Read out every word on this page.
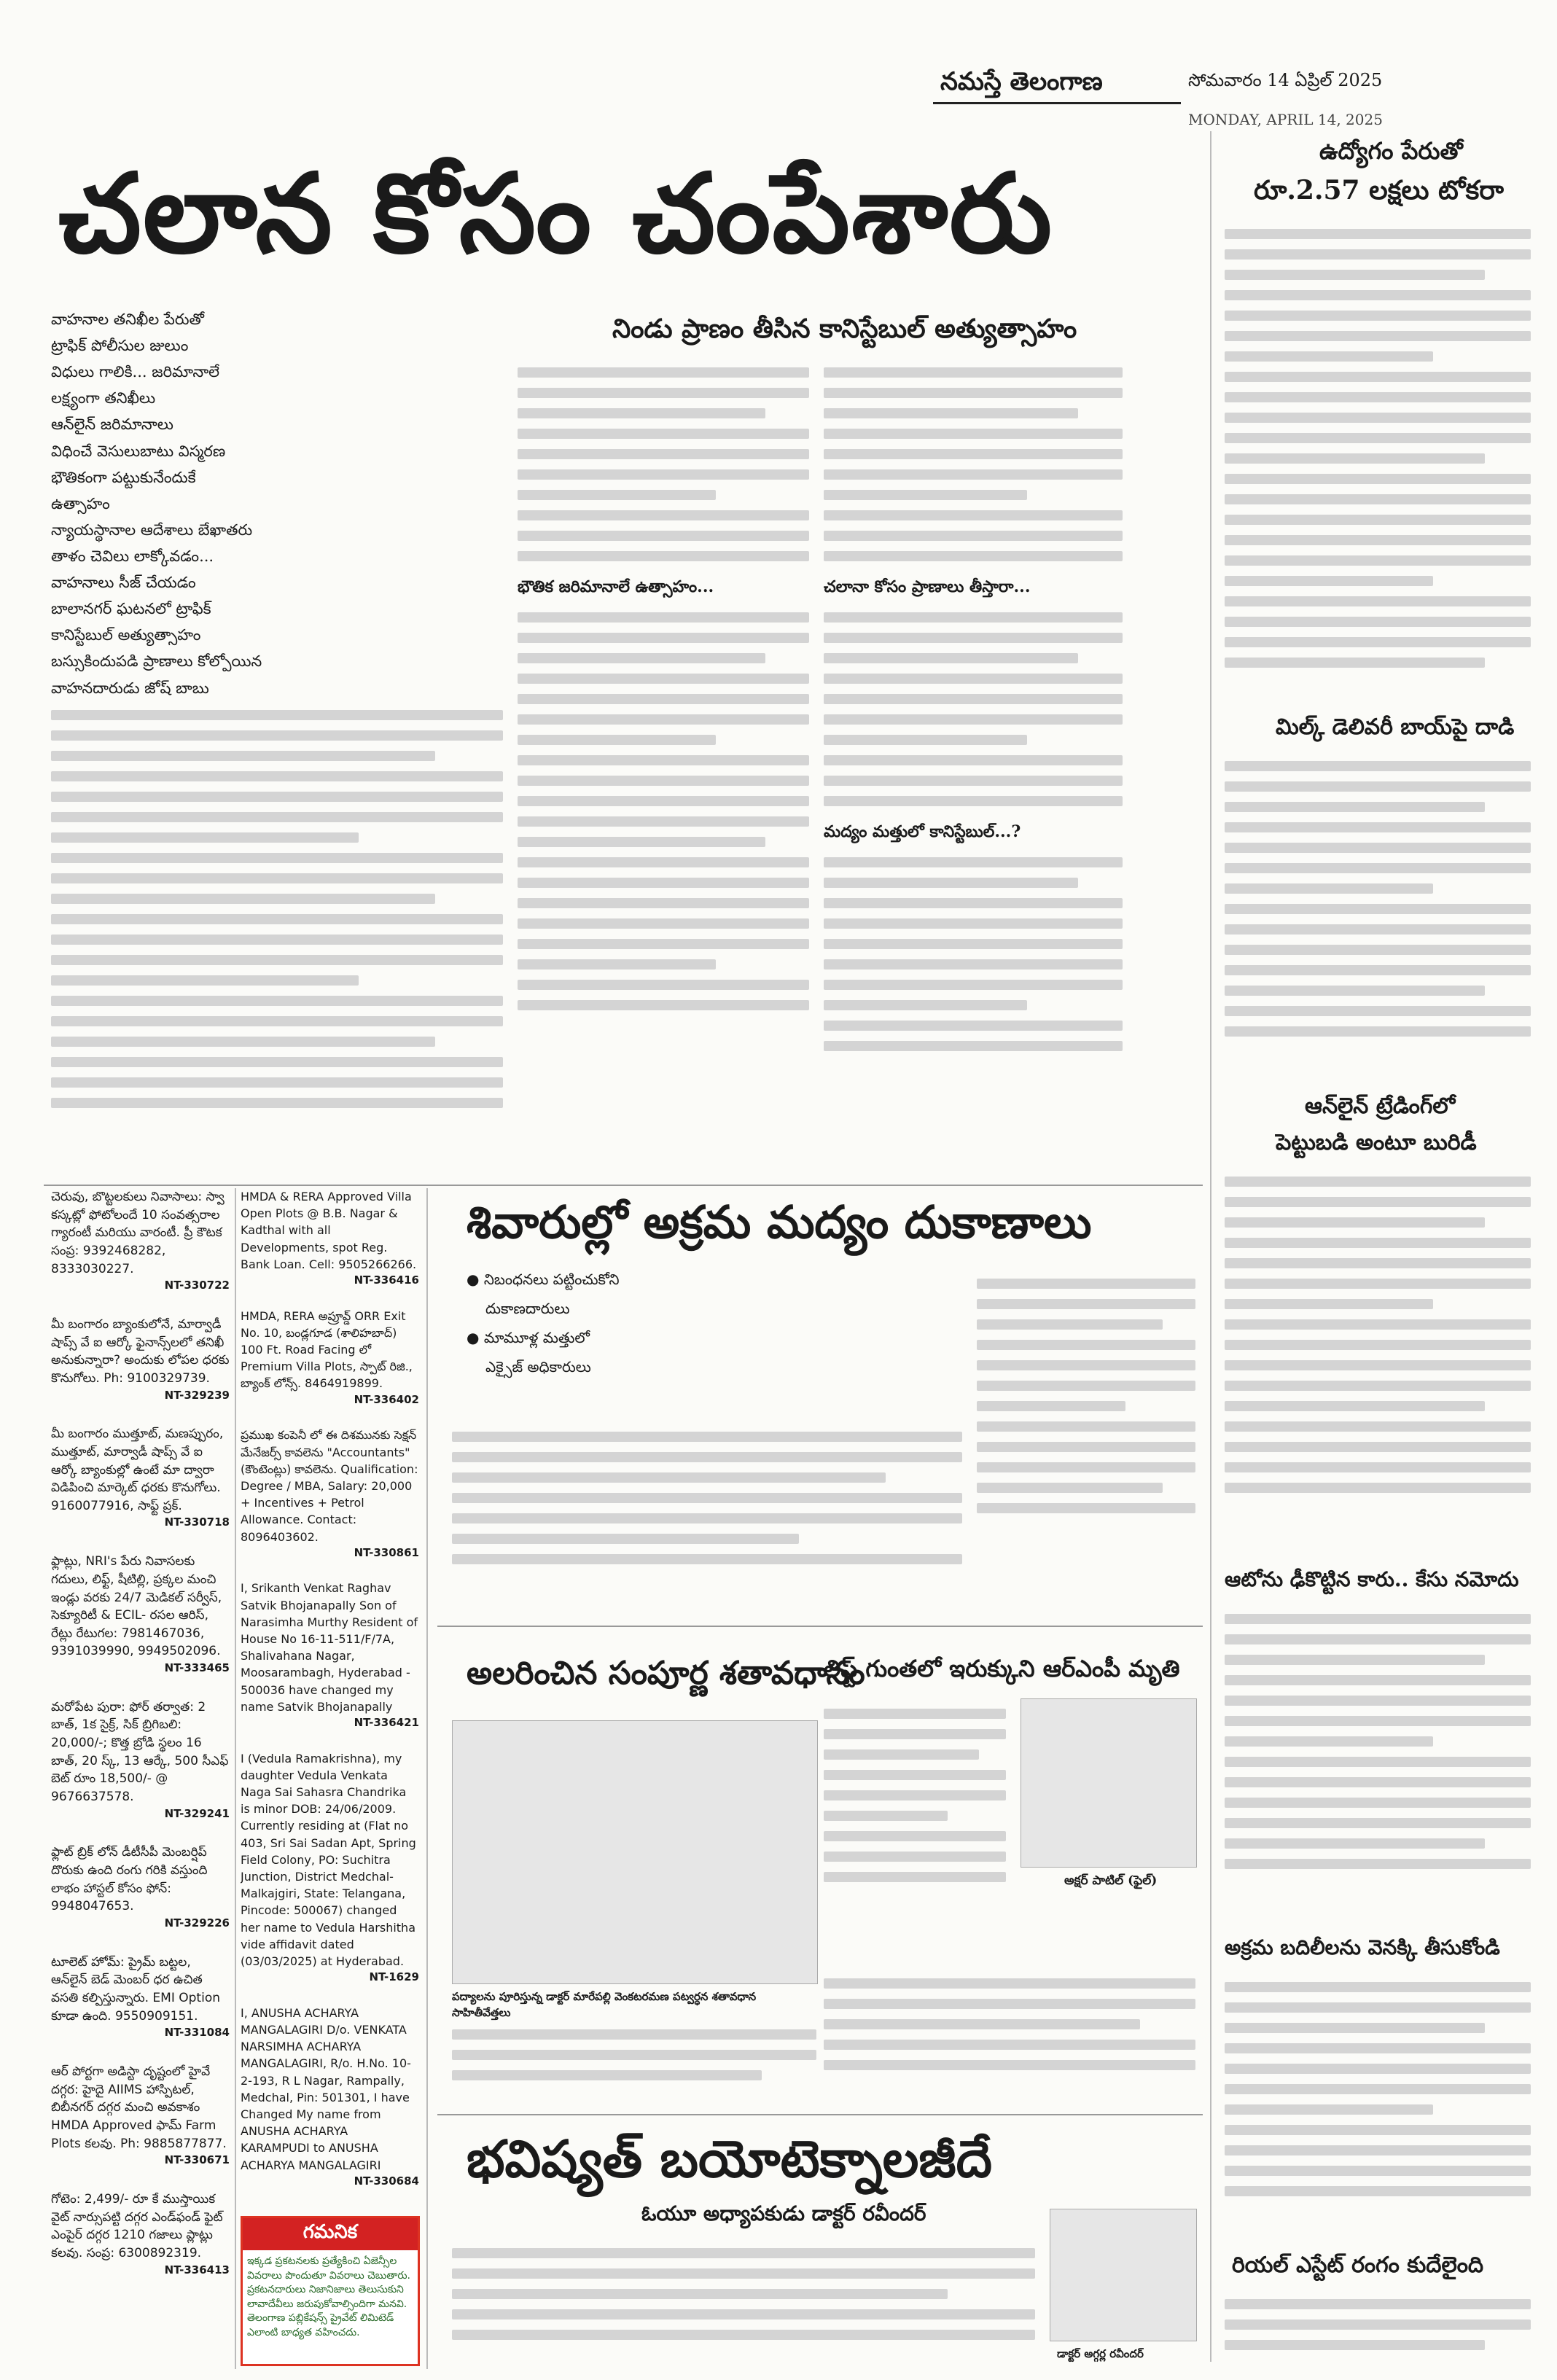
నమస్తే తెలంగాణ	సోమవారం 14 ఏప్రిల్ 2025
MONDAY, APRIL 14, 2025
చలాన కోసం చంపేశారు
నిండు ప్రాణం తీసిన కానిస్టేబుల్ అత్యుత్సాహం
వాహనాల తనిఖీల పేరుతో
ట్రాఫిక్ పోలీసుల జులుం
విధులు గాలికి... జరిమానాలే
లక్ష్యంగా తనిఖీలు
ఆన్‌లైన్ జరిమానాలు
విధించే వెసులుబాటు విస్మరణ
భౌతికంగా పట్టుకునేందుకే
ఉత్సాహం
న్యాయస్థానాల ఆదేశాలు బేఖాతరు
తాళం చెవిలు లాక్కోవడం...
వాహనాలు సీజ్ చేయడం
బాలానగర్ ఘటనలో ట్రాఫిక్
కానిస్టేబుల్ అత్యుత్సాహం
బస్సుకిందుపడి ప్రాణాలు కోల్పోయిన
వాహనదారుడు జోష్ బాబు
భౌతిక జరిమానాలే ఉత్సాహం...	చలానా కోసం ప్రాణాలు తీస్తారా...
మద్యం మత్తులో కానిస్టేబుల్...?
ఉద్యోగం పేరుతో
రూ.2.57 లక్షలు టోకరా
మిల్క్ డెలివరీ బాయ్‌పై దాడి
ఆన్‌లైన్ ట్రేడింగ్‌లో
పెట్టుబడి అంటూ బురిడీ
ఆటోను ఢీకొట్టిన కారు.. కేసు నమోదు
అక్రమ బదిలీలను వెనక్కి తీసుకోండి
రియల్ ఎస్టేట్ రంగం కుదేలైంది
చెరువు, బొట్టలకులు నివాసాలు: స్వా కస్కట్లో ఫోటోలందే 10 సంవత్సరాల గ్యారంటీ మరియు వారంటీ. ప్రీ కౌటక సంప్ర: 9392468282, 8333030227.
NT-330722
మీ బంగారం బ్యాంకులోనే, మార్వాడీ షాప్స్ వే ఐ ఆర్కో ఫైనాన్స్‌లలో తనిఖీ అనుకున్నారా? అందుకు లోపల ధరకు కొనుగోలు. Ph: 9100329739.
NT-329239
మీ బంగారం ముత్తూట్, మణప్పురం, ముత్తూట్, మార్వాడీ షాప్స్ వే ఐ ఆర్కో బ్యాంకుల్లో ఉంటే మా ద్వారా విడిపించి మార్కెట్ ధరకు కొనుగోలు. 9160077916, సాఫ్ట్ ప్రక్.
NT-330718
ఫ్లాట్లు, NRI's పేరు నివాసలకు గదులు, లిఫ్ట్, షీటిల్లి, ప్రక్కల మంచి ఇండ్లు వరకు 24/7 మెడికల్ సర్వీస్, సెక్యూరిటీ & ECIL- రసల ఆరిస్, రేట్లు రేటుగల: 7981467036, 9391039990, 9949502096.
NT-333465
మరోపేట పురా: ఫోర్ తర్వాత: 2 బాత్, 1క సైక్ర్, సిక్ బ్రిగిబలి: 20,000/-; కొత్త బ్రోడి స్థలం 16 బాత్, 20 స్క్, 13 ఆర్కే, 500 సీఎఫ్ బెట్ రూం 18,500/- @ 9676637578.
NT-329241
ఫ్లాట్ బ్రిక్ లోన్ డీటీసీపీ మెంబర్షిప్ దొరుకు ఉంది రంగు గరికి వస్తుంది లాభం హాస్టల్ కోసం ఫోన్: 9948047653.
NT-329226
టూలెట్ హోమ్: ప్రైమ్ బట్టల, ఆన్‌లైన్ బెడ్ మెంబర్ ధర ఉచిత వసతి కల్పిస్తున్నారు. EMI Option కూడా ఉంది. 9550909151.
NT-331084
ఆర్ పోర్టగా అడిస్టా దృష్టంలో హైవే దగ్గర: హైదై AIIMS హాస్పిటల్, బిబీనగర్ దగ్గర మంచి అవకాశం HMDA Approved ఫామ్ Farm Plots కలవు. Ph: 9885877877.
NT-330671
గోటెం: 2,499/- రూ కే ముస్తాయిక వైట్ నార్సుపట్టి దగ్గర ఎండ్‌ఫండ్ ఫైట్ ఎంపైర్ దగ్గర 1210 గజాలు ప్లాట్లు కలవు. సంప్ర: 6300892319.
NT-336413
HMDA & RERA Approved Villa Open Plots @ B.B. Nagar & Kadthal with all Developments, spot Reg. Bank Loan. Cell: 9505266266.
NT-336416
HMDA, RERA అప్రూవ్డ్ ORR Exit No. 10, బండ్లగూడ (శాలిహబాద్) 100 Ft. Road Facing లో Premium Villa Plots, స్పాట్ రిజి., బ్యాంక్ లోన్స్. 8464919899.
NT-336402
ప్రముఖ కంపెనీ లో ఈ దిశమునకు సెక్షన్ మేనేజర్స్ కావలెను "Accountants" (కౌంటెంట్లు) కావలెను. Qualification: Degree / MBA, Salary: 20,000 + Incentives + Petrol Allowance. Contact: 8096403602.
NT-330861
I, Srikanth Venkat Raghav Satvik Bhojanapally Son of Narasimha Murthy Resident of House No 16-11-511/F/7A, Shalivahana Nagar, Moosarambagh, Hyderabad - 500036 have changed my name Satvik Bhojanapally
NT-336421
I (Vedula Ramakrishna), my daughter Vedula Venkata Naga Sai Sahasra Chandrika is minor DOB: 24/06/2009. Currently residing at (Flat no 403, Sri Sai Sadan Apt, Spring Field Colony, PO: Suchitra Junction, District Medchal-Malkajgiri, State: Telangana, Pincode: 500067) changed her name to Vedula Harshitha vide affidavit dated (03/03/2025) at Hyderabad.
NT-1629
I, ANUSHA ACHARYA MANGALAGIRI D/o. VENKATA NARSIMHA ACHARYA MANGALAGIRI, R/o. H.No. 10-2-193, R L Nagar, Rampally, Medchal, Pin: 501301, I have Changed My name from ANUSHA ACHARYA KARAMPUDI to ANUSHA ACHARYA MANGALAGIRI
NT-330684
గమనిక
ఇక్కడ ప్రకటనలకు ప్రత్యేకించి ఏజెన్సీల వివరాలు పొందుతూ వివరాలు చెబుతారు. ప్రకటనదారులు నిజానిజాలు తెలుసుకుని లావాదేవీలు జరుపుకోవాల్సిందిగా మనవి. తెలంగాణ పబ్లికేషన్స్ ప్రైవేట్ లిమిటెడ్ ఎలాంటి బాధ్యత వహించదు.
శివారుల్లో అక్రమ మద్యం దుకాణాలు
● నిబంధనలు పట్టించుకోని
దుకాణదారులు
● మామూళ్ల మత్తులో
ఎక్సైజ్ అధికారులు
అలరించిన సంపూర్ణ శతావధానం
పద్యాలను పూరిస్తున్న డాక్టర్ మారేపల్లి వెంకటరమణ పట్వర్ధన శతావధాన సాహితీవేత్తలు
లిఫ్ట్ గుంతలో ఇరుక్కుని ఆర్‌ఎంపీ మృతి
అక్షర్ పాటిల్ (ఫైల్)
భవిష్యత్ బయోటెక్నాలజీదే
ఓయూ అధ్యాపకుడు డాక్టర్ రవీందర్
డాక్టర్ అగ్గర్ల రవీందర్
